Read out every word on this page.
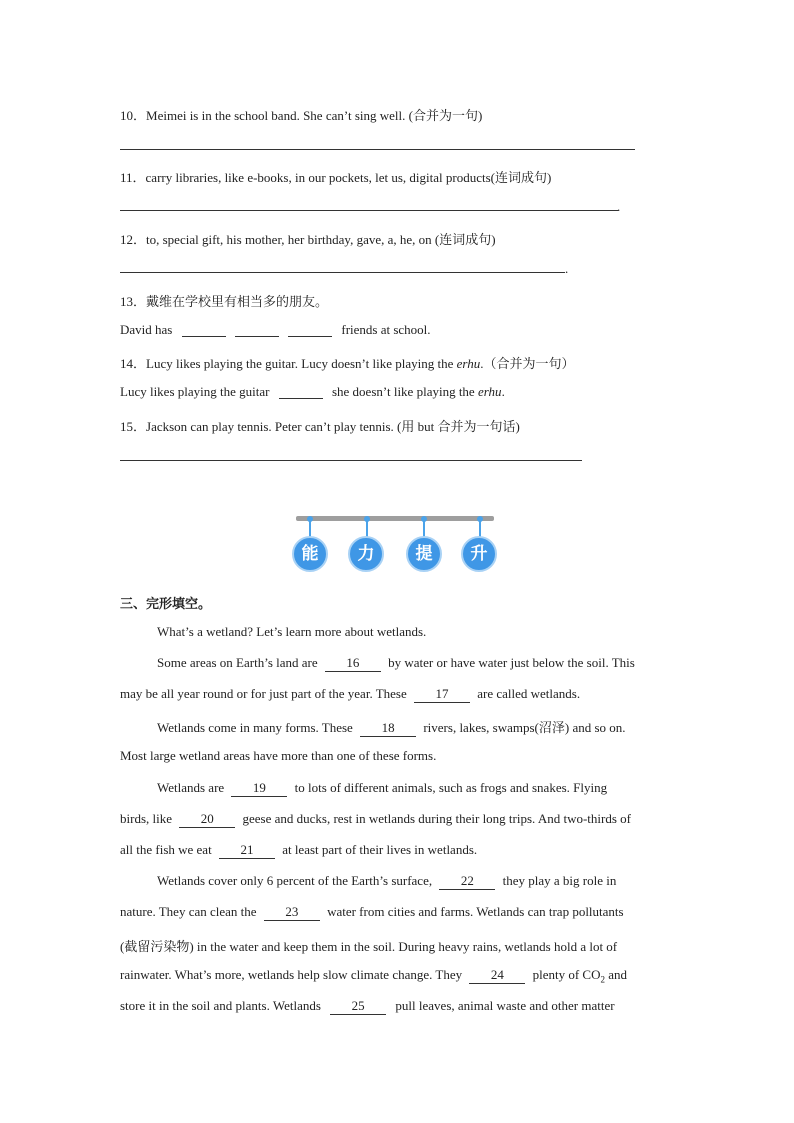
10．Meimei is in the school band. She can’t sing well. (合并为一句)
11．carry libraries, like e-books, in our pockets, let us, digital products(连词成句)
.
12．to, special gift, his mother, her birthday, gave, a, he, on (连词成句)
.
13．戴维在学校里有相当多的朋友。
David has	friends at school.
14．Lucy likes playing the guitar. Lucy doesn’t like playing the erhu.（合并为一句）
Lucy likes playing the guitar	she doesn’t like playing the erhu.
15．Jackson can play tennis. Peter can’t play tennis. (用 but 合并为一句话)
能	力	提	升
三、完形填空。
What’s a wetland? Let’s learn more about wetlands.
Some areas on Earth’s land are 16 by water or have water just below the soil. This
may be all year round or for just part of the year. These 17 are called wetlands.
Wetlands come in many forms. These 18 rivers, lakes, swamps(沼泽) and so on.
Most large wetland areas have more than one of these forms.
Wetlands are 19 to lots of different animals, such as frogs and snakes. Flying
birds, like 20 geese and ducks, rest in wetlands during their long trips. And two-thirds of
all the fish we eat 21 at least part of their lives in wetlands.
Wetlands cover only 6 percent of the Earth’s surface, 22 they play a big role in
nature. They can clean the 23 water from cities and farms. Wetlands can trap pollutants
(截留污染物) in the water and keep them in the soil. During heavy rains, wetlands hold a lot of
rainwater. What’s more, wetlands help slow climate change. They 24 plenty of $CO_2$ and
store it in the soil and plants. Wetlands 25 pull leaves, animal waste and other matter
